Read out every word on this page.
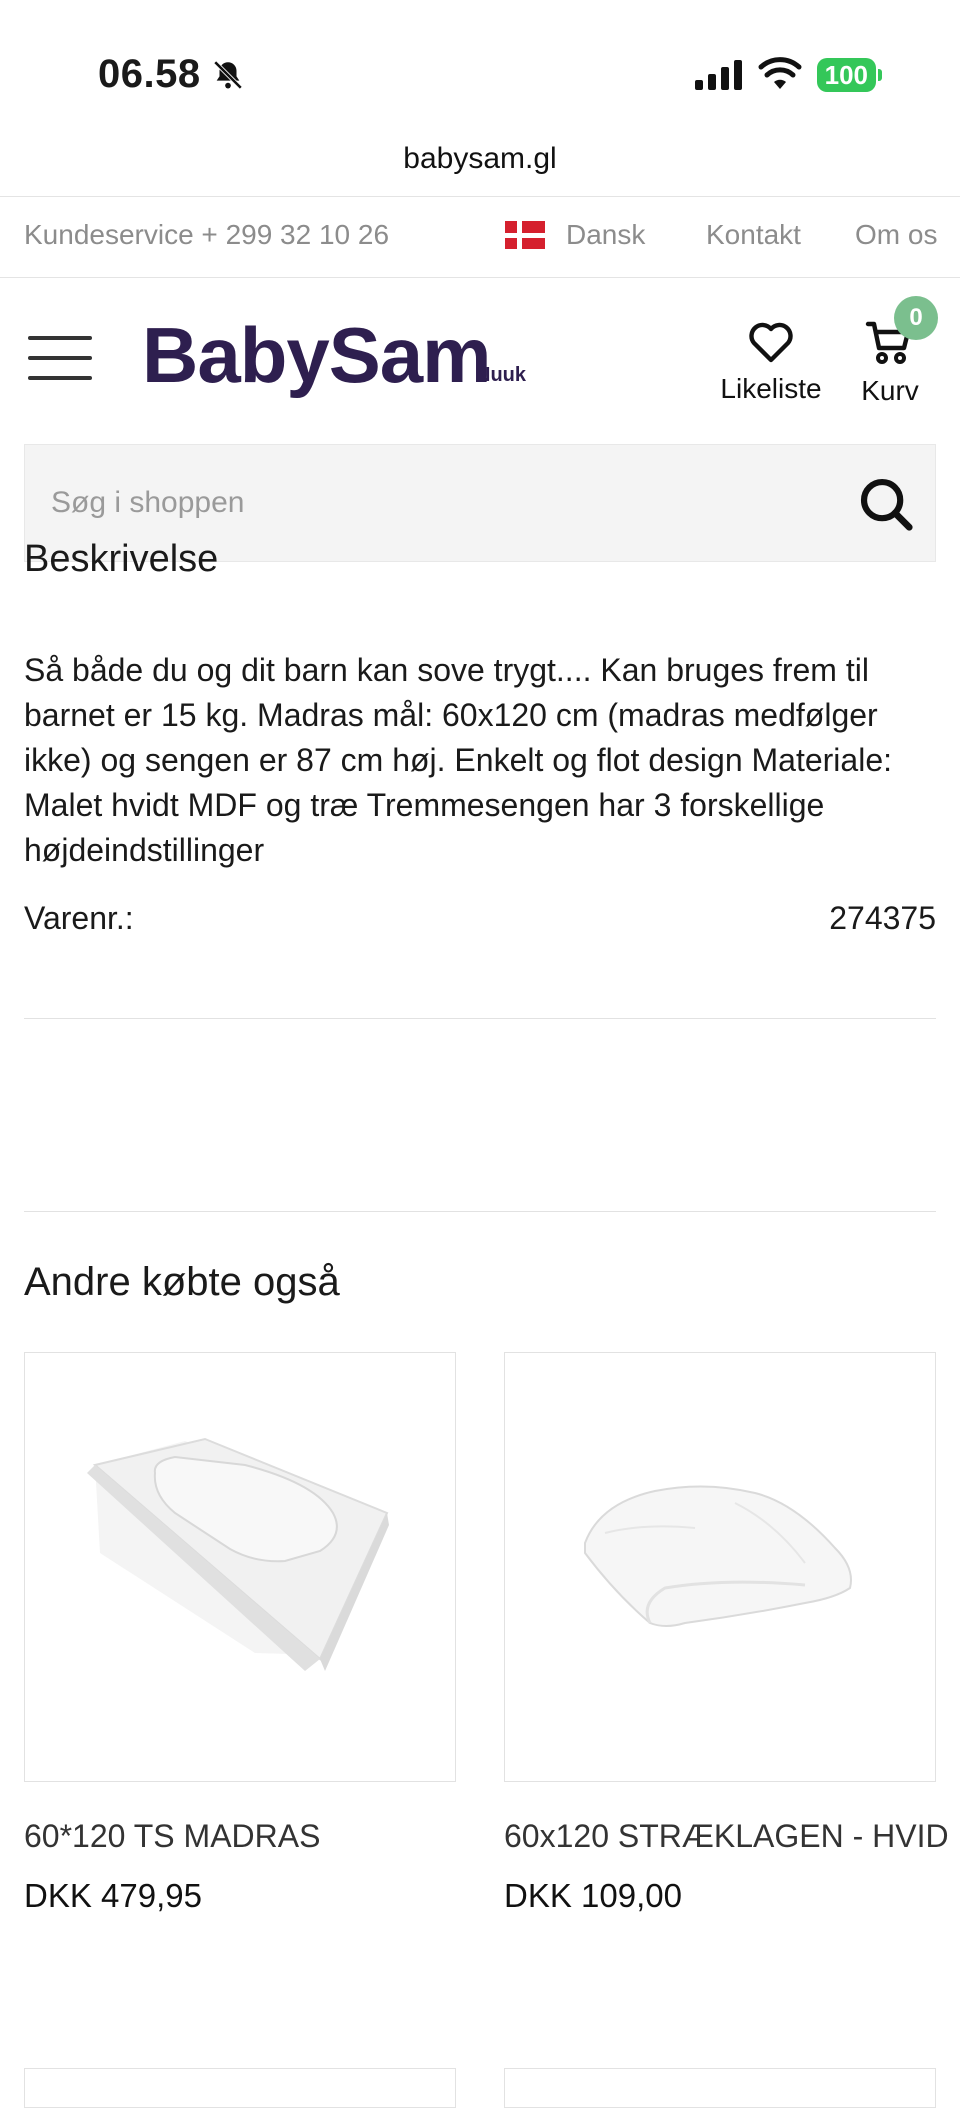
06.58	100
babysam.gl
Kundeservice + 299 32 10 26	Dansk Kontakt Om os
BabySam
Nuuk	Likeliste
0
Kurv
Søg i shoppen
Beskrivelse

Så både du og dit barn kan sove trygt.... Kan bruges frem til barnet er 15 kg. Madras mål: 60x120 cm (madras medfølger ikke) og sengen er 87 cm høj. Enkelt og flot design Materiale: Malet hvidt MDF og træ Tremmesengen har 3 forskellige højdeindstillinger

Varenr.:	274375
Andre købte også
60*120 TS MADRAS
DKK 479,95
60x120 STRÆKLAGEN - HVID
DKK 109,00
